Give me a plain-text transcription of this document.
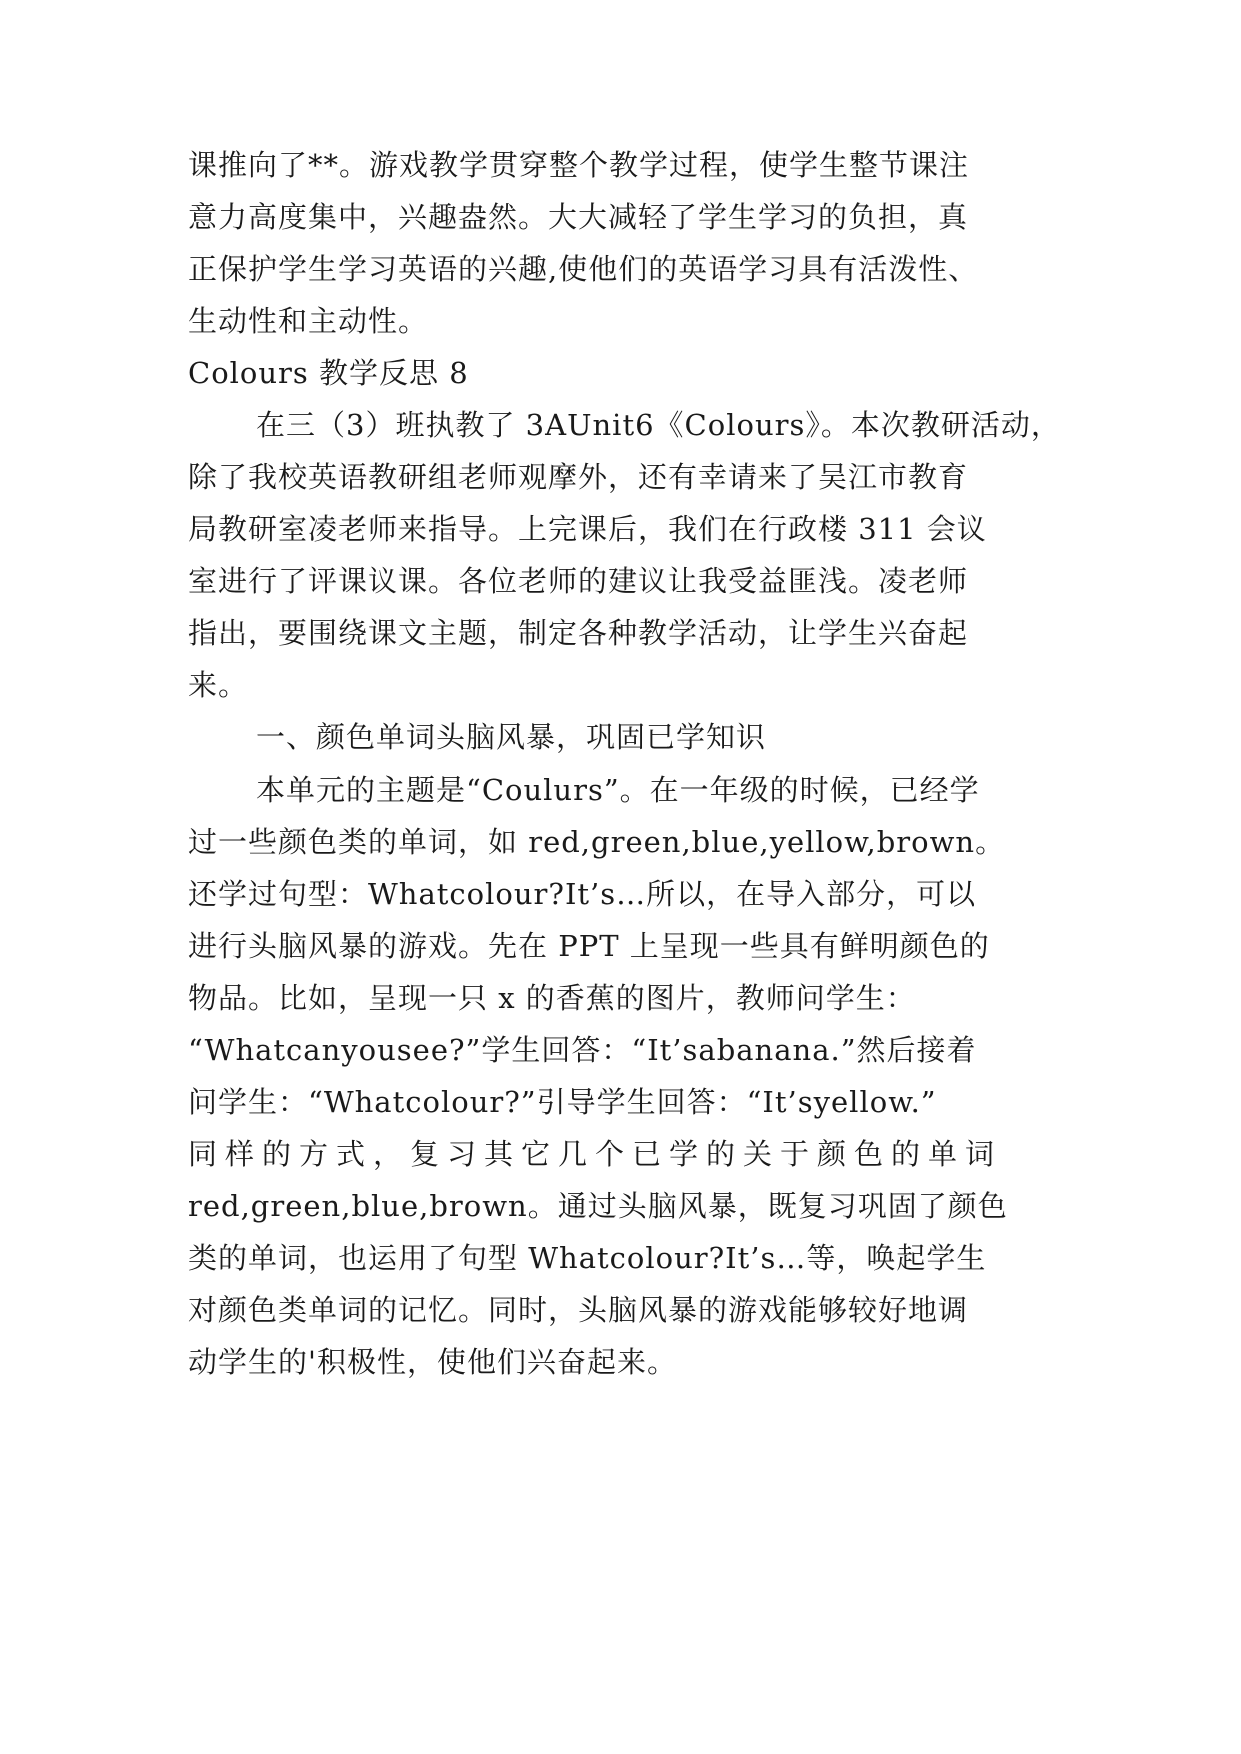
课推向了**。游戏教学贯穿整个教学过程，使学生整节课注
意力高度集中，兴趣盎然。大大减轻了学生学习的负担，真
正保护学生学习英语的兴趣,使他们的英语学习具有活泼性、
生动性和主动性。
Colours 教学反思 8
在三（3）班执教了 3AUnit6《Colours》。本次教研活动，
除了我校英语教研组老师观摩外，还有幸请来了吴江市教育
局教研室凌老师来指导。上完课后，我们在行政楼 311 会议
室进行了评课议课。各位老师的建议让我受益匪浅。凌老师
指出，要围绕课文主题，制定各种教学活动，让学生兴奋起
来。
一、颜色单词头脑风暴，巩固已学知识
本单元的主题是“Coulurs”。在一年级的时候，已经学
过一些颜色类的单词，如 red,green,blue,yellow,brown。
还学过句型：Whatcolour?It’s…所以，在导入部分，可以
进行头脑风暴的游戏。先在 PPT 上呈现一些具有鲜明颜色的
物品。比如，呈现一只 x 的香蕉的图片，教师问学生：
“Whatcanyousee?”学生回答：“It’sabanana.”然后接着
问学生：“Whatcolour?”引导学生回答：“It’syellow.”
同样的方式，复习其它几个已学的关于颜色的单词
red,green,blue,brown。通过头脑风暴，既复习巩固了颜色
类的单词，也运用了句型 Whatcolour?It’s…等，唤起学生
对颜色类单词的记忆。同时，头脑风暴的游戏能够较好地调
动学生的'积极性，使他们兴奋起来。
